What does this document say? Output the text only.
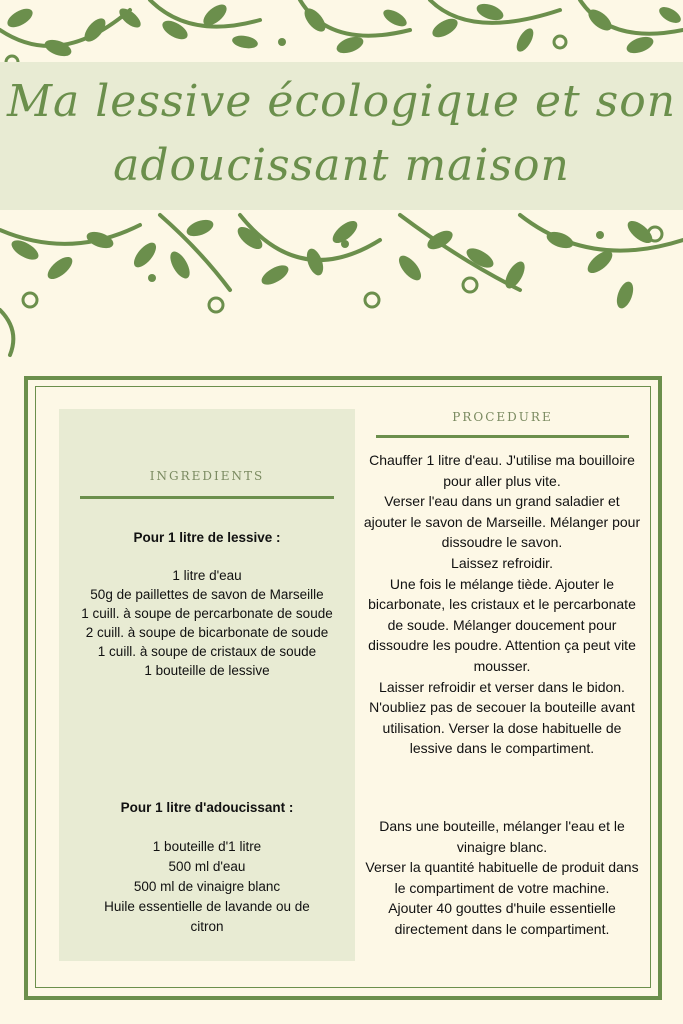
Ma lessive écologique et son
adoucissant maison
INGREDIENTS
Pour 1 litre de lessive :
1 litre d'eau
50g de paillettes de savon de Marseille
1 cuill. à soupe de percarbonate de soude
2 cuill. à soupe de bicarbonate de soude
1 cuill. à soupe de cristaux de soude
1 bouteille de lessive
Pour 1 litre d'adoucissant :
1 bouteille d'1 litre
500 ml d'eau
500 ml de vinaigre blanc
Huile essentielle de lavande ou de
citron
PROCEDURE
Chauffer 1 litre d'eau. J'utilise ma bouilloire
pour aller plus vite.
Verser l'eau dans un grand saladier et
ajouter le savon de Marseille. Mélanger pour
dissoudre le savon.
Laissez refroidir.
Une fois le mélange tiède. Ajouter le
bicarbonate, les cristaux et le percarbonate
de soude. Mélanger doucement pour
dissoudre les poudre. Attention ça peut vite
mousser.
Laisser refroidir et verser dans le bidon.
N'oubliez pas de secouer la bouteille avant
utilisation. Verser la dose habituelle de
lessive dans le compartiment.
Dans une bouteille, mélanger l'eau et le
vinaigre blanc.
Verser la quantité habituelle de produit dans
le compartiment de votre machine.
Ajouter 40 gouttes d'huile essentielle
directement dans le compartiment.
